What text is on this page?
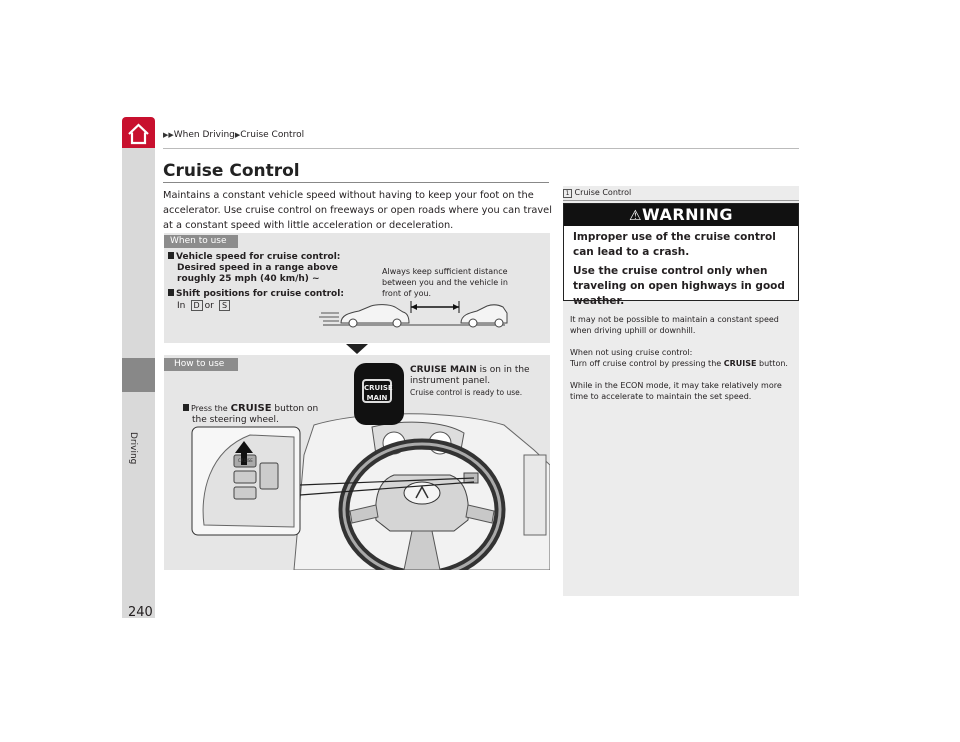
▶▶When Driving▶Cruise Control
Driving
Cruise Control
Maintains a constant vehicle speed without having to keep your foot on the accelerator. Use cruise control on freeways or open roads where you can travel at a constant speed with little acceleration or deceleration.
When to use
Vehicle speed for cruise control:
Desired speed in a range above
roughly 25 mph (40 km/h) ~
Shift positions for cruise control:
In D or S
Always keep sufficient distance between you and the vehicle in front of you.
CRUISE
CRUISE
MAIN
How to use
Press the CRUISE button on
the steering wheel.
CRUISE MAIN is on in the
instrument panel.
Cruise control is ready to use.
1 Cruise Control
⚠WARNING
Improper use of the cruise control can lead to a crash.
Use the cruise control only when traveling on open highways in good weather.
It may not be possible to maintain a constant speed when driving uphill or downhill.
When not using cruise control:
Turn off cruise control by pressing the CRUISE button.
While in the ECON mode, it may take relatively more time to accelerate to maintain the set speed.
240
